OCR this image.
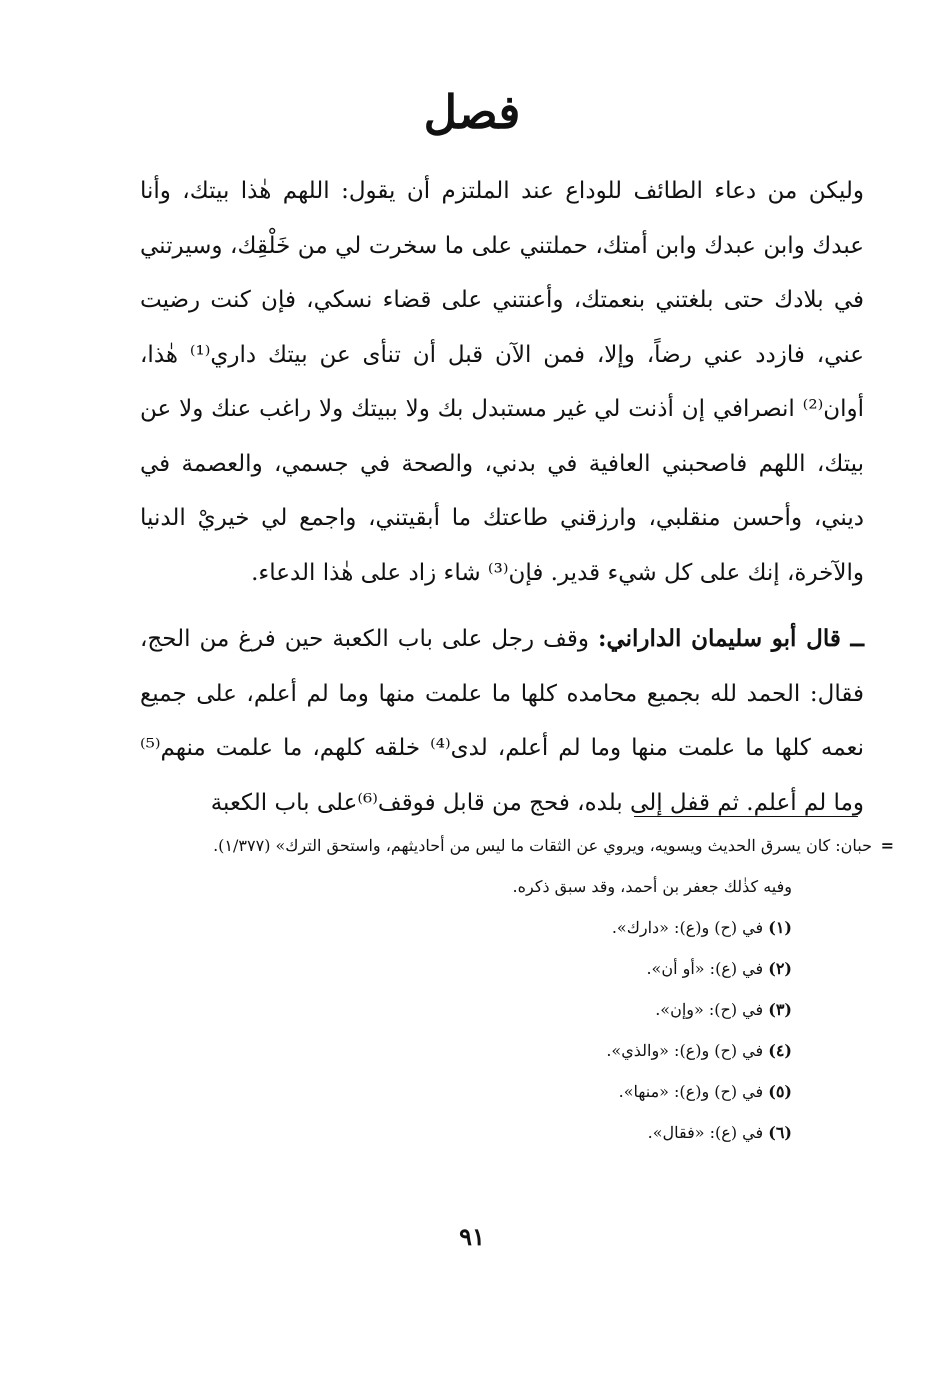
فصل

وليكن من دعاء الطائف للوداع عند الملتزم أن يقول: اللهم هٰذا بيتك، وأنا عبدك وابن عبدك وابن أمتك، حملتني على ما سخرت لي من خَلْقِك، وسيرتني في بلادك حتى بلغتني بنعمتك، وأعنتني على قضاء نسكي، فإن كنت رضيت عني، فازدد عني رضاً، وإلا، فمن الآن قبل أن تنأى عن بيتك داري⁽¹⁾ هٰذا، أوان⁽²⁾ انصرافي إن أذنت لي غير مستبدل بك ولا ببيتك ولا راغب عنك ولا عن بيتك، اللهم فاصحبني العافية في بدني، والصحة في جسمي، والعصمة في ديني، وأحسن منقلبي، وارزقني طاعتك ما أبقيتني، واجمع لي خيريْ الدنيا والآخرة، إنك على كل شيء قدير. فإن⁽³⁾ شاء زاد على هٰذا الدعاء.

ــ قال أبو سليمان الداراني: وقف رجل على باب الكعبة حين فرغ من الحج، فقال: الحمد لله بجميع محامده كلها ما علمت منها وما لم أعلم، على جميع نعمه كلها ما علمت منها وما لم أعلم، لدى⁽⁴⁾ خلقه كلهم، ما علمت منهم⁽⁵⁾ وما لم أعلم. ثم قفل إلى بلده، فحج من قابل فوقف⁽⁶⁾على باب الكعبة

=
حبان: كان يسرق الحديث ويسويه، ويروي عن الثقات ما ليس من أحاديثهم، واستحق الترك» (١/٣٧٧).

وفيه كذٰلك جعفر بن أحمد، وقد سبق ذكره.

(١) في (ح) و(ع): «دارك».

(٢) في (ع): «أو أن».

(٣) في (ح): «وإن».

(٤) في (ح) و(ع): «والذي».

(٥) في (ح) و(ع): «منها».

(٦) في (ع): «فقال».

٩١
